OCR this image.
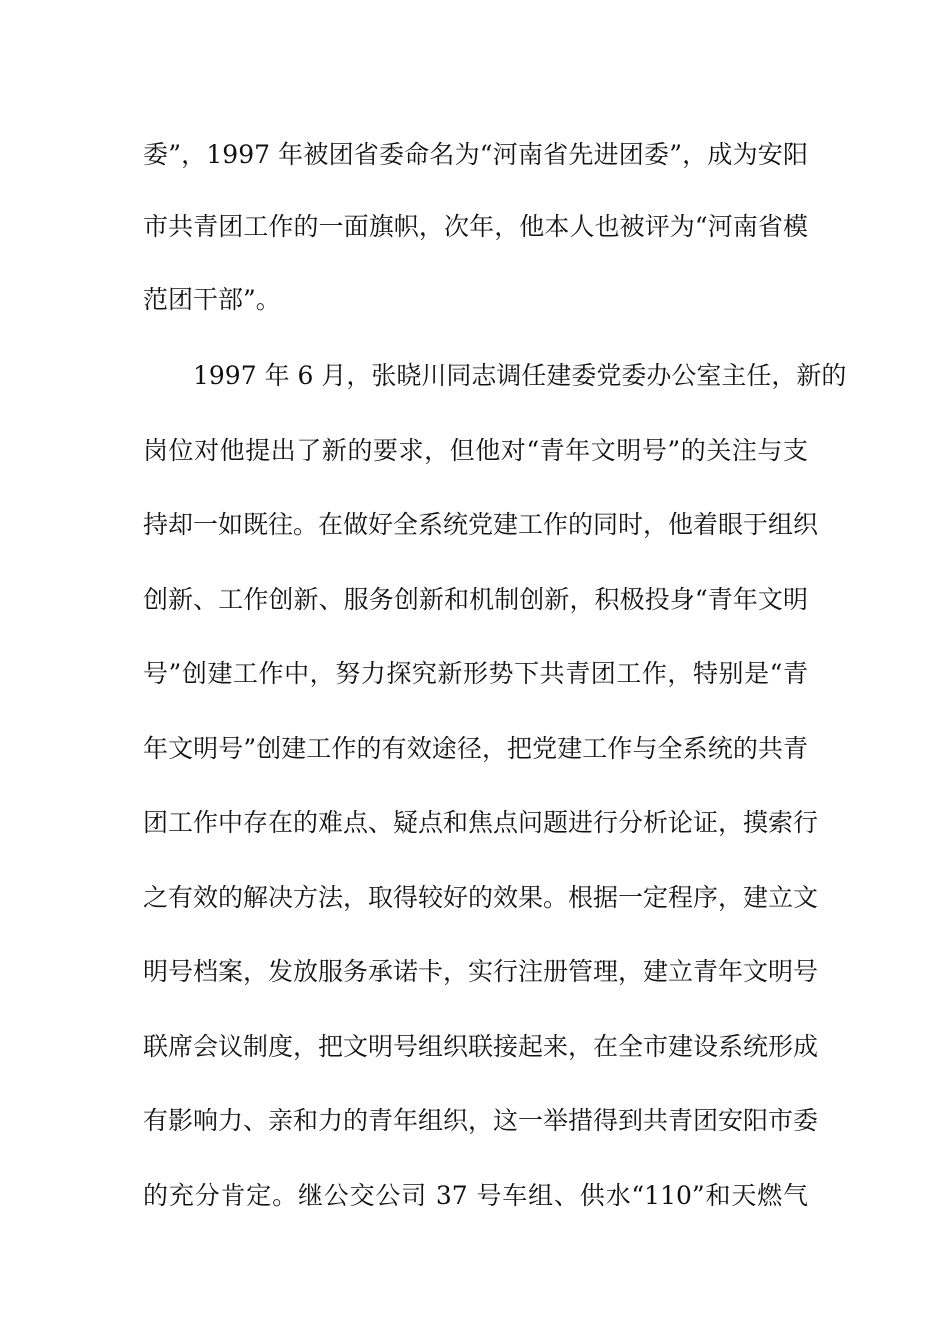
委”，1997 年被团省委命名为“河南省先进团委”，成为安阳
市共青团工作的一面旗帜，次年，他本人也被评为“河南省模
范团干部”。
1997 年 6 月，张晓川同志调任建委党委办公室主任，新的
岗位对他提出了新的要求，但他对“青年文明号”的关注与支
持却一如既往。在做好全系统党建工作的同时，他着眼于组织
创新、工作创新、服务创新和机制创新，积极投身“青年文明
号”创建工作中，努力探究新形势下共青团工作，特别是“青
年文明号”创建工作的有效途径，把党建工作与全系统的共青
团工作中存在的难点、疑点和焦点问题进行分析论证，摸索行
之有效的解决方法，取得较好的效果。根据一定程序，建立文
明号档案，发放服务承诺卡，实行注册管理，建立青年文明号
联席会议制度，把文明号组织联接起来，在全市建设系统形成
有影响力、亲和力的青年组织，这一举措得到共青团安阳市委
的充分肯定。继公交公司 37 号车组、供水“110”和天燃气
